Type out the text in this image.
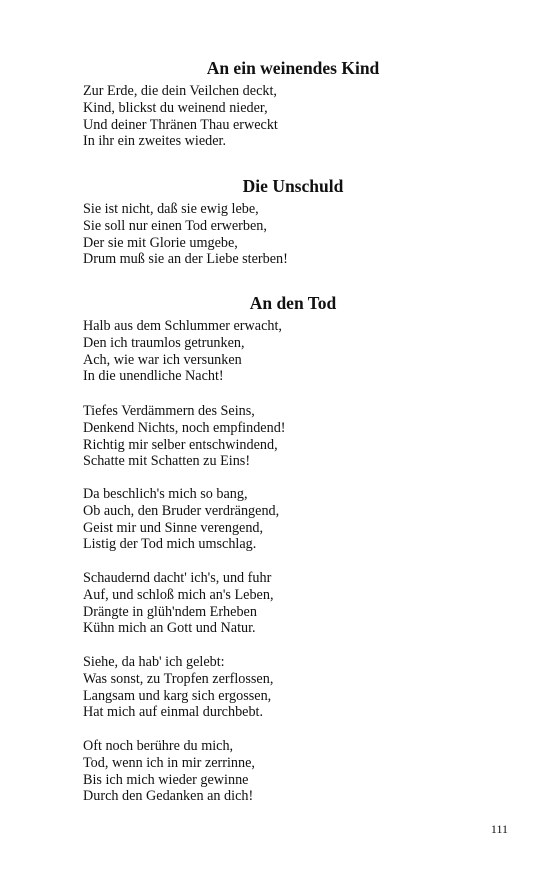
An ein weinendes Kind
Zur Erde, die dein Veilchen deckt,
Kind, blickst du weinend nieder,
Und deiner Thränen Thau erweckt
In ihr ein zweites wieder.
Die Unschuld
Sie ist nicht, daß sie ewig lebe,
Sie soll nur einen Tod erwerben,
Der sie mit Glorie umgebe,
Drum muß sie an der Liebe sterben!
An den Tod
Halb aus dem Schlummer erwacht,
Den ich traumlos getrunken,
Ach, wie war ich versunken
In die unendliche Nacht!
Tiefes Verdämmern des Seins,
Denkend Nichts, noch empfindend!
Richtig mir selber entschwindend,
Schatte mit Schatten zu Eins!
Da beschlich's mich so bang,
Ob auch, den Bruder verdrängend,
Geist mir und Sinne verengend,
Listig der Tod mich umschlag.
Schaudernd dacht' ich's, und fuhr
Auf, und schloß mich an's Leben,
Drängte in glüh'ndem Erheben
Kühn mich an Gott und Natur.
Siehe, da hab' ich gelebt:
Was sonst, zu Tropfen zerflossen,
Langsam und karg sich ergossen,
Hat mich auf einmal durchbebt.
Oft noch berühre du mich,
Tod, wenn ich in mir zerrinne,
Bis ich mich wieder gewinne
Durch den Gedanken an dich!
111
